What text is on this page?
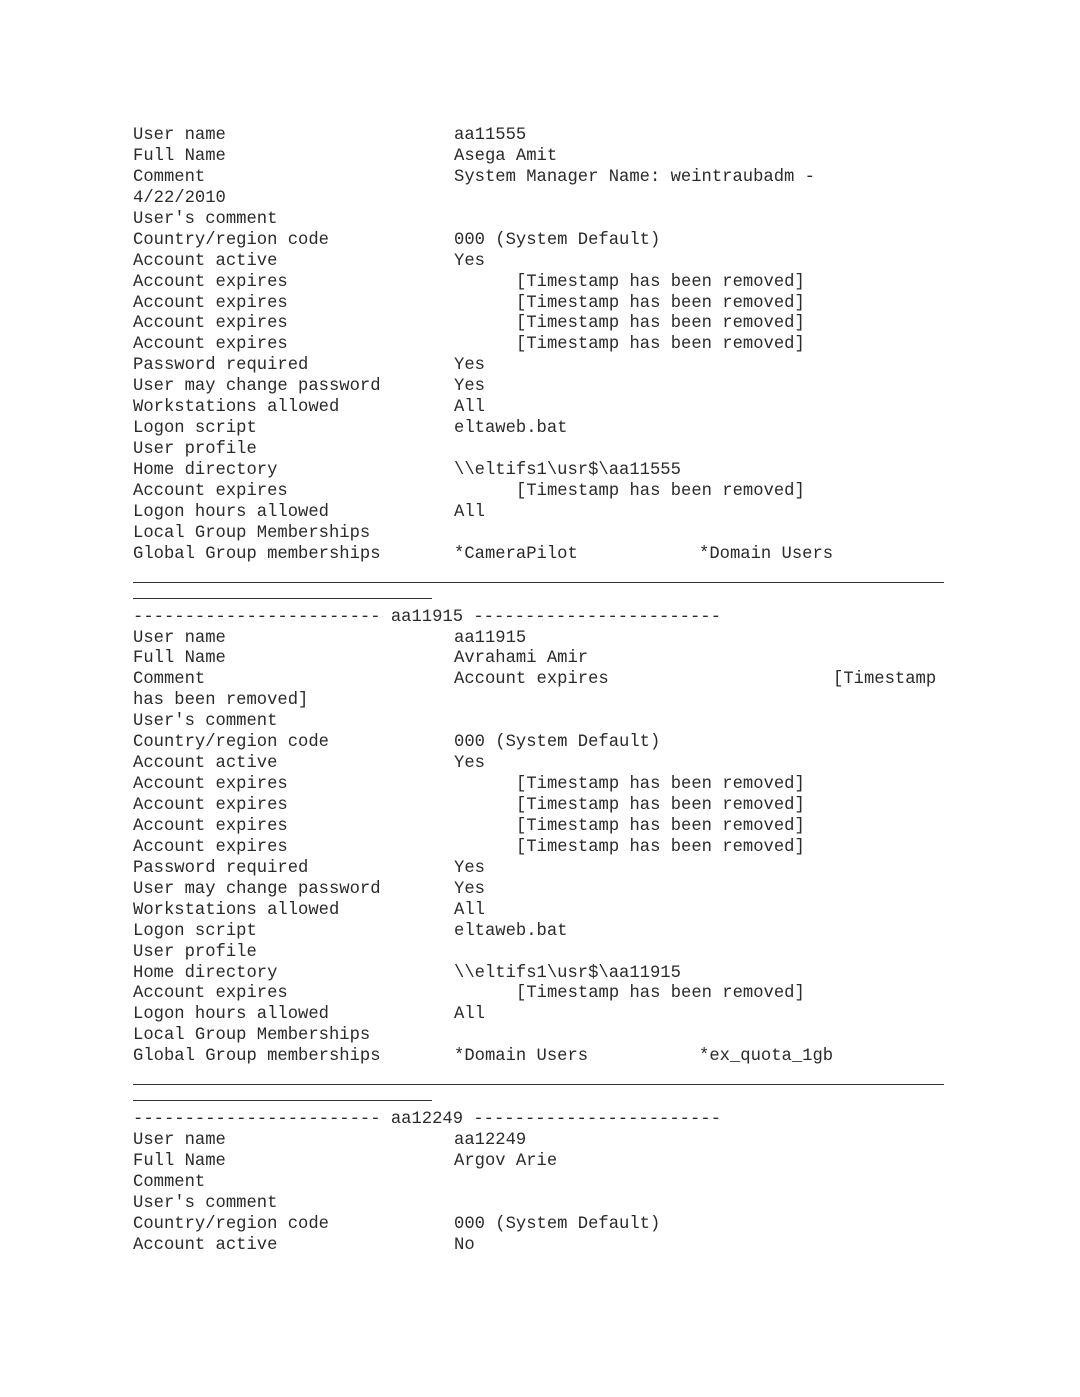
User name	aa11555
Full Name	Asega Amit
Comment	System Manager Name: weintraubadm -
4/22/2010
User's comment
Country/region code	000 (System Default)
Account active	Yes
Account expires	[Timestamp has been removed]
Account expires	[Timestamp has been removed]
Account expires	[Timestamp has been removed]
Account expires	[Timestamp has been removed]
Password required	Yes
User may change password	Yes
Workstations allowed	All
Logon script	eltaweb.bat
User profile
Home directory	\\eltifs1\usr$\aa11555
Account expires	[Timestamp has been removed]
Logon hours allowed	All
Local Group Memberships
Global Group memberships	*CameraPilot	*Domain Users
------------------------ aa11915 ------------------------
User name	aa11915
Full Name	Avrahami Amir
Comment	Account expires	[Timestamp
has been removed]
User's comment
Country/region code	000 (System Default)
Account active	Yes
Account expires	[Timestamp has been removed]
Account expires	[Timestamp has been removed]
Account expires	[Timestamp has been removed]
Account expires	[Timestamp has been removed]
Password required	Yes
User may change password	Yes
Workstations allowed	All
Logon script	eltaweb.bat
User profile
Home directory	\\eltifs1\usr$\aa11915
Account expires	[Timestamp has been removed]
Logon hours allowed	All
Local Group Memberships
Global Group memberships	*Domain Users	*ex_quota_1gb
------------------------ aa12249 ------------------------
User name	aa12249
Full Name	Argov Arie
Comment
User's comment
Country/region code	000 (System Default)
Account active	No
